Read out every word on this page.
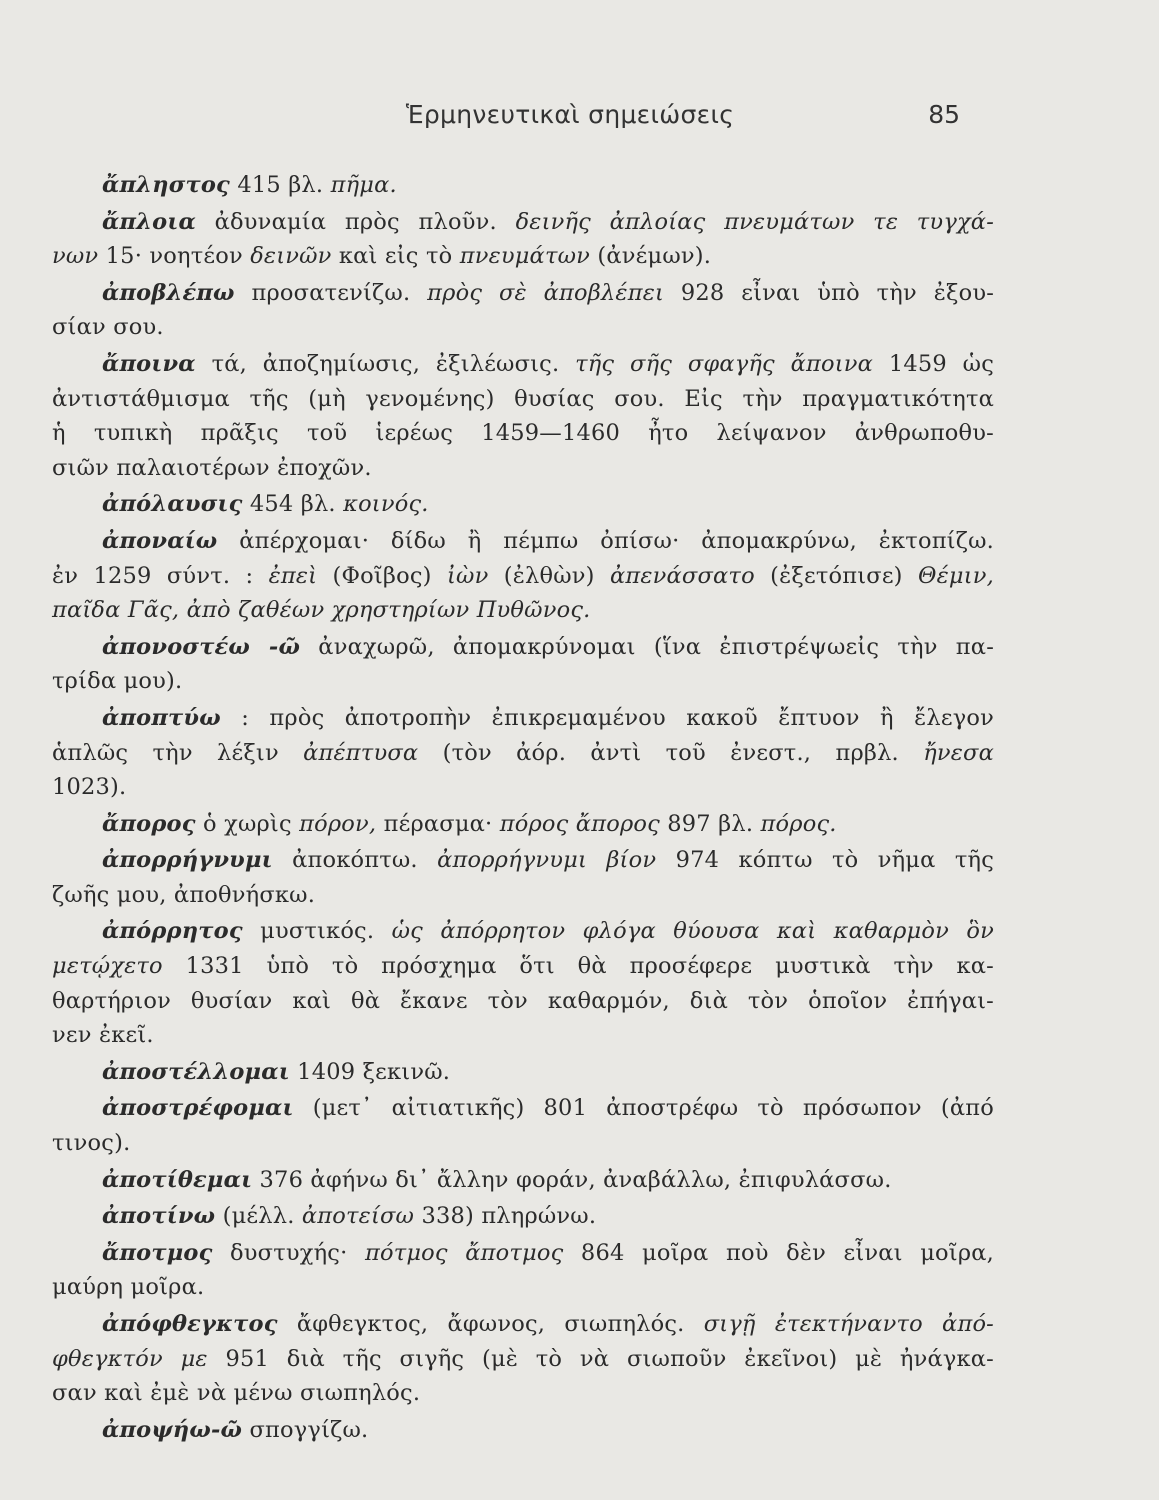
Ἑρμηνευτικαὶ σημειώσεις	85
ἄπληστος 415 βλ. πῆμα.
ἄπλοια ἀδυναμία πρὸς πλοῦν. δεινῆς ἀπλοίας πνευμάτων τε τυγχά-
νων 15· νοητέον δεινῶν καὶ εἰς τὸ πνευμάτων (ἀνέμων).
ἀποβλέπω προσατενίζω. πρὸς σὲ ἀποβλέπει 928 εἶναι ὑπὸ τὴν ἐξου-
σίαν σου.
ἄποινα τά, ἀποζημίωσις, ἐξιλέωσις. τῆς σῆς σφαγῆς ἄποινα 1459 ὡς
ἀντιστάθμισμα τῆς (μὴ γενομένης) θυσίας σου. Εἰς τὴν πραγματικότητα
ἡ τυπικὴ πρᾶξις τοῦ ἱερέως 1459—1460 ἦτο λείψανον ἀνθρωποθυ-
σιῶν παλαιοτέρων ἐποχῶν.
ἀπόλαυσις 454 βλ. κοινός.
ἀποναίω ἀπέρχομαι· δίδω ἢ πέμπω ὀπίσω· ἀπομακρύνω, ἐκτοπίζω.
ἐν 1259 σύντ. : ἐπεὶ (Φοῖβος) ἰὼν (ἐλθὼν) ἀπενάσσατο (ἐξετόπισε) Θέμιν,
παῖδα Γᾶς, ἀπὸ ζαθέων χρηστηρίων Πυθῶνος.
ἀπονοστέω -ῶ ἀναχωρῶ, ἀπομακρύνομαι (ἵνα ἐπιστρέψωεἰς τὴν πα-
τρίδα μου).
ἀποπτύω : πρὸς ἀποτροπὴν ἐπικρεμαμένου κακοῦ ἔπτυον ἢ ἔλεγον
ἁπλῶς τὴν λέξιν ἀπέπτυσα (τὸν ἀόρ. ἀντὶ τοῦ ἐνεστ., πρβλ. ἤνεσα
1023).
ἄπορος ὁ χωρὶς πόρον, πέρασμα· πόρος ἄπορος 897 βλ. πόρος.
ἀπορρήγνυμι ἀποκόπτω. ἀπορρήγνυμι βίον 974 κόπτω τὸ νῆμα τῆς
ζωῆς μου, ἀποθνήσκω.
ἀπόρρητος μυστικός. ὡς ἀπόρρητον φλόγα θύουσα καὶ καθαρμὸν ὃν
μετῴχετο 1331 ὑπὸ τὸ πρόσχημα ὅτι θὰ προσέφερε μυστικὰ τὴν κα-
θαρτήριον θυσίαν καὶ θὰ ἔκανε τὸν καθαρμόν, διὰ τὸν ὁποῖον ἐπήγαι-
νεν ἐκεῖ.
ἀποστέλλομαι 1409 ξεκινῶ.
ἀποστρέφομαι (μετ᾽ αἰτιατικῆς) 801 ἀποστρέφω τὸ πρόσωπον (ἀπό
τινος).
ἀποτίθεμαι 376 ἀφήνω δι᾽ ἄλλην φοράν, ἀναβάλλω, ἐπιφυλάσσω.
ἀποτίνω (μέλλ. ἀποτείσω 338) πληρώνω.
ἄποτμος δυστυχής· πότμος ἄποτμος 864 μοῖρα ποὺ δὲν εἶναι μοῖρα,
μαύρη μοῖρα.
ἀπόφθεγκτος ἄφθεγκτος, ἄφωνος, σιωπηλός. σιγῇ ἐτεκτήναντο ἀπό-
φθεγκτόν με 951 διὰ τῆς σιγῆς (μὲ τὸ νὰ σιωποῦν ἐκεῖνοι) μὲ ἠνάγκα-
σαν καὶ ἐμὲ νὰ μένω σιωπηλός.
ἀποψήω-ῶ σπογγίζω.
